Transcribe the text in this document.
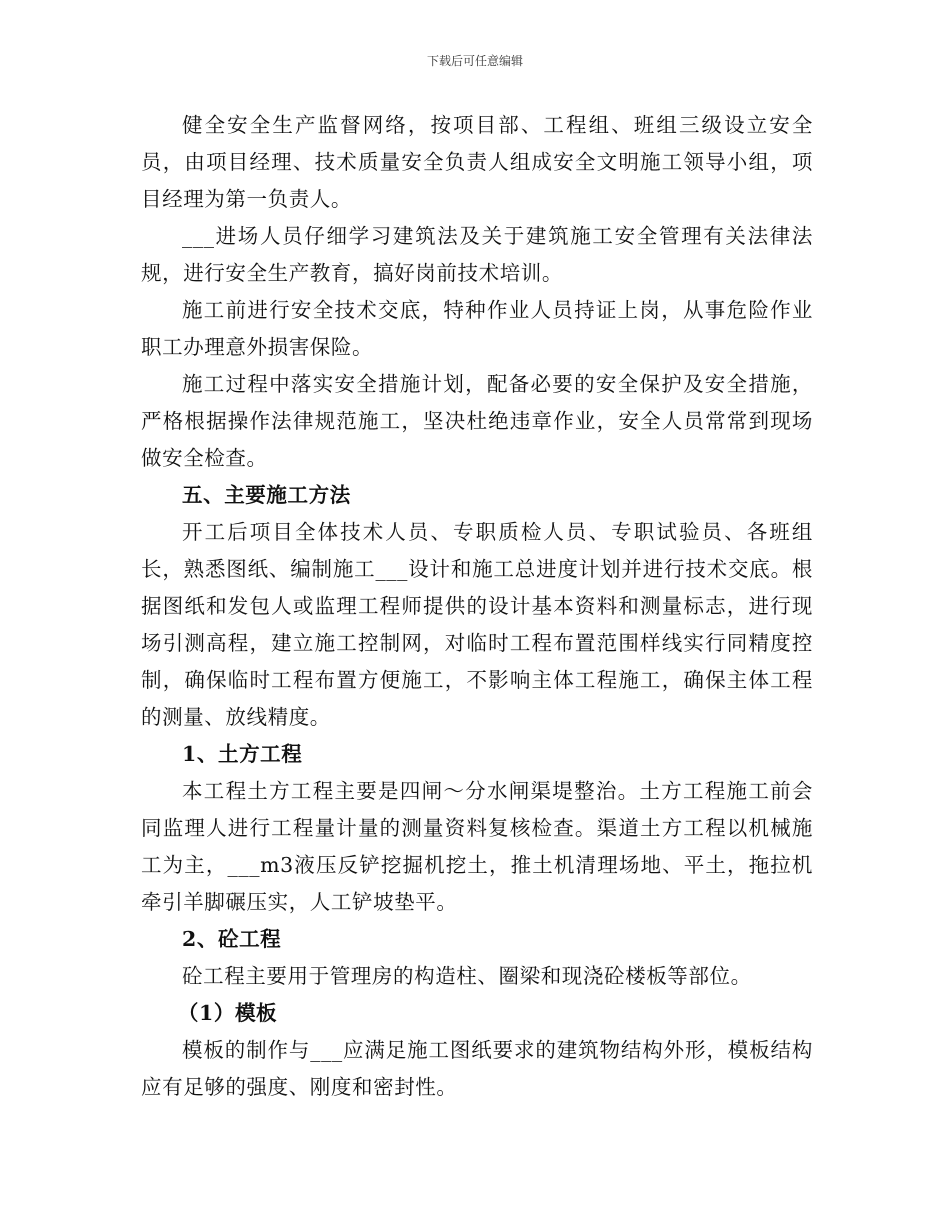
下载后可任意编辑

健全安全生产监督网络，按项目部、工程组、班组三级设立安全员，由项目经理、技术质量安全负责人组成安全文明施工领导小组，项目经理为第一负责人。

___进场人员仔细学习建筑法及关于建筑施工安全管理有关法律法规，进行安全生产教育，搞好岗前技术培训。

施工前进行安全技术交底，特种作业人员持证上岗，从事危险作业职工办理意外损害保险。

施工过程中落实安全措施计划，配备必要的安全保护及安全措施，严格根据操作法律规范施工，坚决杜绝违章作业，安全人员常常到现场做安全检查。

五、主要施工方法

开工后项目全体技术人员、专职质检人员、专职试验员、各班组长，熟悉图纸、编制施工___设计和施工总进度计划并进行技术交底。根据图纸和发包人或监理工程师提供的设计基本资料和测量标志，进行现场引测高程，建立施工控制网，对临时工程布置范围样线实行同精度控制，确保临时工程布置方便施工，不影响主体工程施工，确保主体工程的测量、放线精度。

1、土方工程

本工程土方工程主要是四闸～分水闸渠堤整治。土方工程施工前会同监理人进行工程量计量的测量资料复核检查。渠道土方工程以机械施工为主，___m3液压反铲挖掘机挖土，推土机清理场地、平土，拖拉机牵引羊脚碾压实，人工铲坡垫平。

2、砼工程

砼工程主要用于管理房的构造柱、圈梁和现浇砼楼板等部位。

（1）模板

模板的制作与___应满足施工图纸要求的建筑物结构外形，模板结构应有足够的强度、刚度和密封性。
